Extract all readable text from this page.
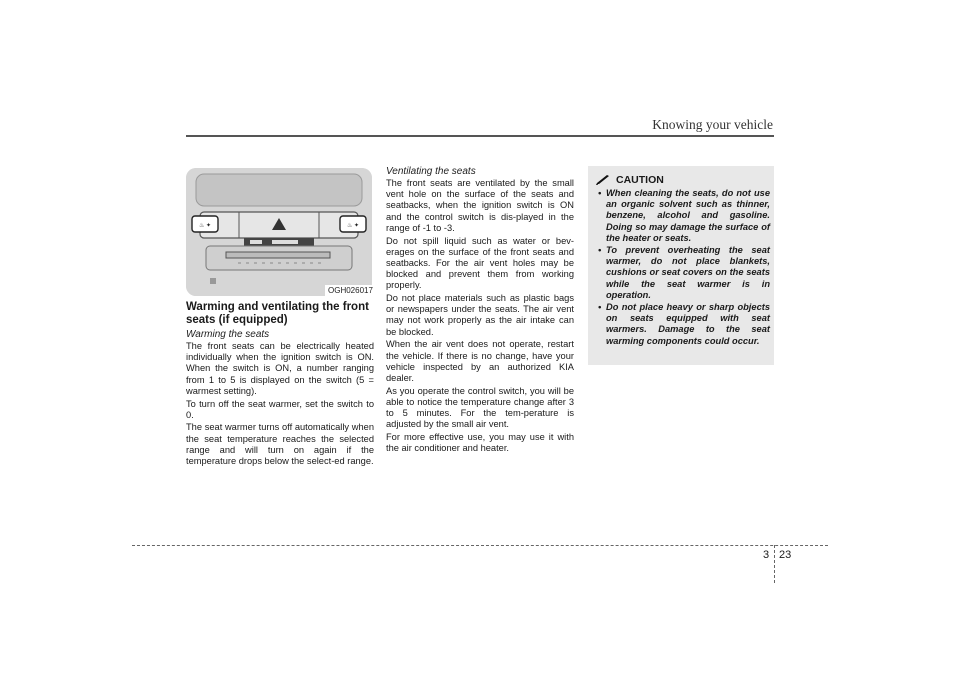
Knowing your vehicle
♨ ✦	♨ ✦
OGH026017
Warming and ventilating the front seats (if equipped)
Warming the seats

The front seats can be electrically heated individually when the ignition switch is ON. When the switch is ON, a number ranging from 1 to 5 is displayed on the switch (5 = warmest setting).

To turn off the seat warmer, set the switch to 0.

The seat warmer turns off automatically when the seat temperature reaches the selected range and will turn on again if the temperature drops below the select-ed range.

Ventilating the seats

The front seats are ventilated by the small vent hole on the surface of the seats and seatbacks, when the ignition switch is ON and the control switch is dis-played in the range of -1 to -3.

Do not spill liquid such as water or bev-erages on the surface of the front seats and seatbacks. For the air vent holes may be blocked and prevent them from working properly.

Do not place materials such as plastic bags or newspapers under the seats. The air vent may not work properly as the air intake can be blocked.

When the air vent does not operate, restart the vehicle. If there is no change, have your vehicle inspected by an authorized KIA dealer.

As you operate the control switch, you will be able to notice the temperature change after 3 to 5 minutes. For the tem-perature is adjusted by the small air vent.

For more effective use, you may use it with the air conditioner and heater.

CAUTION
• When cleaning the seats, do not use an organic solvent such as thinner, benzene, alcohol and gasoline. Doing so may damage the surface of the heater or seats.
• To prevent overheating the seat warmer, do not place blankets, cushions or seat covers on the seats while the seat warmer is in operation.
• Do not place heavy or sharp objects on seats equipped with seat warmers. Damage to the seat warming components could occur.
3 23
